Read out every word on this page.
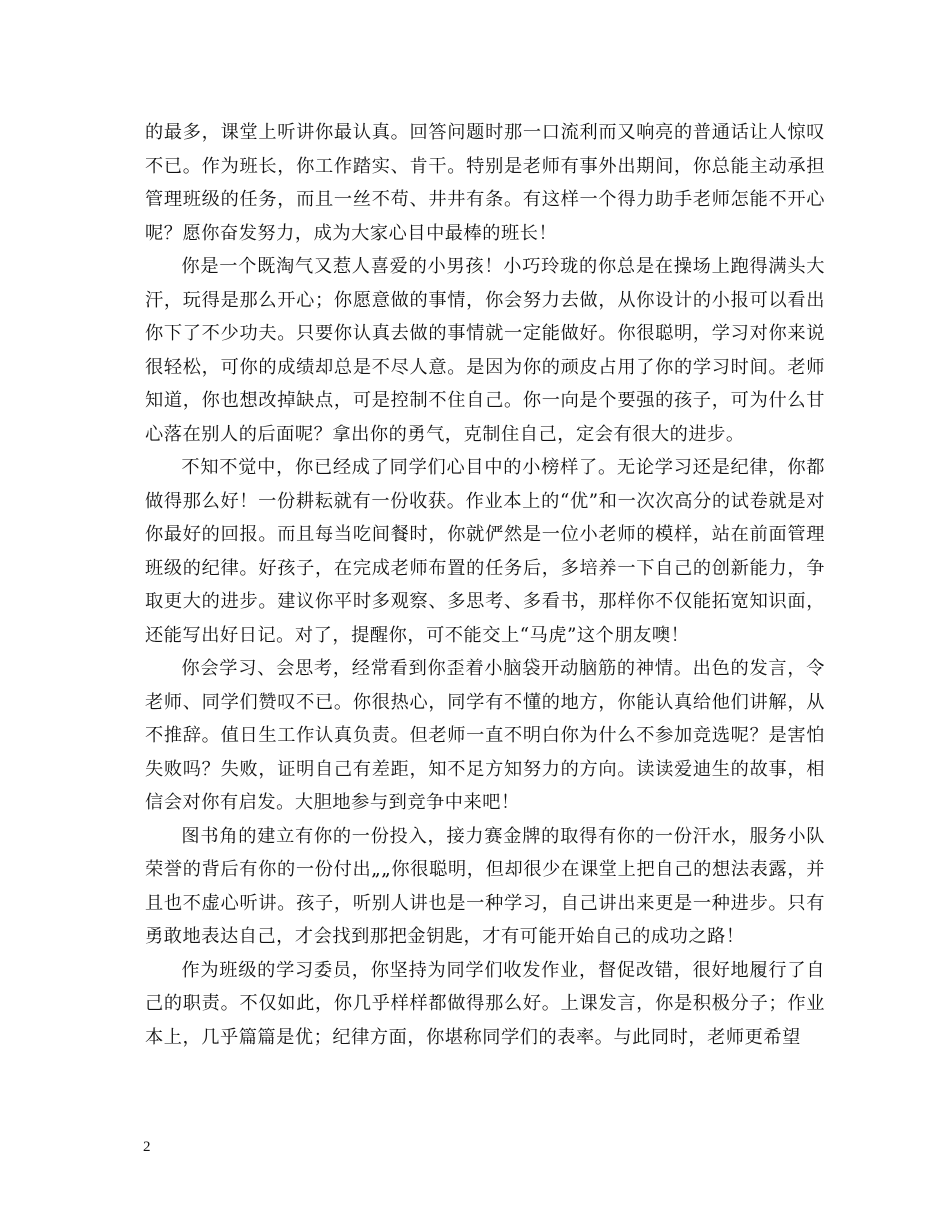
的最多，课堂上听讲你最认真。回答问题时那一口流利而又响亮的普通话让人惊叹不已。作为班长，你工作踏实、肯干。特别是老师有事外出期间，你总能主动承担管理班级的任务，而且一丝不苟、井井有条。有这样一个得力助手老师怎能不开心呢？愿你奋发努力，成为大家心目中最棒的班长！

你是一个既淘气又惹人喜爱的小男孩！小巧玲珑的你总是在操场上跑得满头大汗，玩得是那么开心；你愿意做的事情，你会努力去做，从你设计的小报可以看出你下了不少功夫。只要你认真去做的事情就一定能做好。你很聪明，学习对你来说很轻松，可你的成绩却总是不尽人意。是因为你的顽皮占用了你的学习时间。老师知道，你也想改掉缺点，可是控制不住自己。你一向是个要强的孩子，可为什么甘心落在别人的后面呢？拿出你的勇气，克制住自己，定会有很大的进步。

不知不觉中，你已经成了同学们心目中的小榜样了。无论学习还是纪律，你都做得那么好！一份耕耘就有一份收获。作业本上的“优”和一次次高分的试卷就是对你最好的回报。而且每当吃间餐时，你就俨然是一位小老师的模样，站在前面管理班级的纪律。好孩子，在完成老师布置的任务后，多培养一下自己的创新能力，争取更大的进步。建议你平时多观察、多思考、多看书，那样你不仅能拓宽知识面，还能写出好日记。对了，提醒你，可不能交上“马虎”这个朋友噢！

你会学习、会思考，经常看到你歪着小脑袋开动脑筋的神情。出色的发言，令老师、同学们赞叹不已。你很热心，同学有不懂的地方，你能认真给他们讲解，从不推辞。值日生工作认真负责。但老师一直不明白你为什么不参加竞选呢？是害怕失败吗？失败，证明自己有差距，知不足方知努力的方向。读读爱迪生的故事，相信会对你有启发。大胆地参与到竞争中来吧！

图书角的建立有你的一份投入，接力赛金牌的取得有你的一份汗水，服务小队荣誉的背后有你的一份付出„„你很聪明，但却很少在课堂上把自己的想法表露，并且也不虚心听讲。孩子，听别人讲也是一种学习，自己讲出来更是一种进步。只有勇敢地表达自己，才会找到那把金钥匙，才有可能开始自己的成功之路！

作为班级的学习委员，你坚持为同学们收发作业，督促改错，很好地履行了自己的职责。不仅如此，你几乎样样都做得那么好。上课发言，你是积极分子；作业本上，几乎篇篇是优；纪律方面，你堪称同学们的表率。与此同时，老师更希望

2
